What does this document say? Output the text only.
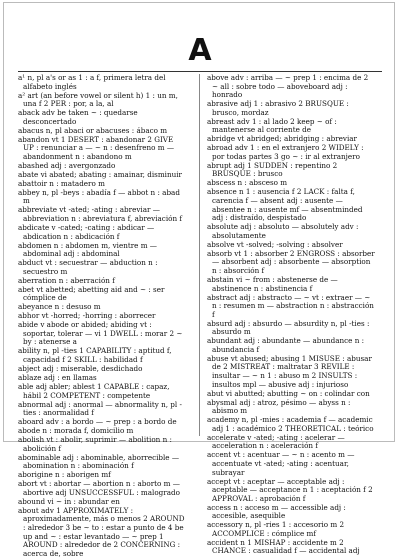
A
a¹ n, pl a's or as 1 : a f, primera letra del alfabeto inglés
a² art (an before vowel or silent h) 1 : un m, una f 2 PER : por, a la, al
aback adv be taken ~ : quedarse desconcertado
abacus n, pl abaci or abacuses : ábaco m
abandon vt 1 DESERT : abandonar 2 GIVE UP : renunciar a — ~ n : desenfreno m — abandonment n : abandono m
abashed adj : avergonzado
abate vi abated; abating : amainar, disminuir
abattoir n : matadero m
abbey n, pl -beys : abadía f — abbot n : abad m
abbreviate vt -ated; -ating : abreviar — abbreviation n : abreviatura f, abreviación f
abdicate v -cated; -cating : abdicar — abdication n : abdicación f
abdomen n : abdomen m, vientre m — abdominal adj : abdominal
abduct vt : secuestrar — abduction n : secuestro m
aberration n : aberración f
abet vt abetted; abetting aid and ~ : ser cómplice de
abeyance n : desuso m
abhor vt -horred; -horring : aborrecer
abide v abode or abided; abiding vt : soportar, tolerar — vi 1 DWELL : morar 2 ~ by : atenerse a
ability n, pl -ties 1 CAPABILITY : aptitud f, capacidad f 2 SKILL : habilidad f
abject adj : miserable, desdichado
ablaze adj : en llamas
able adj abler; ablest 1 CAPABLE : capaz, hábil 2 COMPETENT : competente
abnormal adj : anormal — abnormality n, pl -ties : anormalidad f
aboard adv : a bordo — ~ prep : a bordo de
abode n : morada f, domicilio m
abolish vt : abolir, suprimir — abolition n : abolición f
abominable adj : abominable, aborrecible — abomination n : abominación f
aborigine n : aborigen mf
abort vt : abortar — abortion n : aborto m — abortive adj UNSUCCESSFUL : malogrado
abound vi ~ in : abundar en
about adv 1 APPROXIMATELY : aproximadamente, más o menos 2 AROUND : alrededor 3 be ~ to : estar a punto de 4 be up and ~ : estar levantado — ~ prep 1 AROUND : alrededor de 2 CONCERNING : acerca de, sobre
above adv : arriba — ~ prep 1 : encima de 2 ~ all : sobre todo — aboveboard adj : honrado
abrasive adj 1 : abrasivo 2 BRUSQUE : brusco, mordaz
abreast adv 1 : al lado 2 keep ~ of : mantenerse al corriente de
abridge vt abridged; abridging : abreviar
abroad adv 1 : en el extranjero 2 WIDELY : por todas partes 3 go ~ : ir al extranjero
abrupt adj 1 SUDDEN : repentino 2 BRUSQUE : brusco
abscess n : absceso m
absence n 1 : ausencia f 2 LACK : falta f, carencia f — absent adj : ausente — absentee n : ausente mf — absentminded adj : distraído, despistado
absolute adj : absoluto — absolutely adv : absolutamente
absolve vt -solved; -solving : absolver
absorb vt 1 : absorber 2 ENGROSS : absorber — absorbent adj : absorbente — absorption n : absorción f
abstain vi ~ from : abstenerse de — abstinence n : abstinencia f
abstract adj : abstracto — ~ vt : extraer — ~ n : resumen m — abstraction n : abstracción f
absurd adj : absurdo — absurdity n, pl -ties : absurdo m
abundant adj : abundante — abundance n : abundancia f
abuse vt abused; abusing 1 MISUSE : abusar de 2 MISTREAT : maltratar 3 REVILE : insultar — ~ n 1 : abuso m 2 INSULTS : insultos mpl — abusive adj : injurioso
abut vi abutted; abutting ~ on : colindar con
abysmal adj : atroz, pésimo — abyss n : abismo m
academy n, pl -mies : academia f — academic adj 1 : académico 2 THEORETICAL : teórico
accelerate v -ated; -ating : acelerar — acceleration n : aceleración f
accent vt : acentuar — ~ n : acento m — accentuate vt -ated; -ating : acentuar, subrayar
accept vt : aceptar — acceptable adj : aceptable — acceptance n 1 : aceptación f 2 APPROVAL : aprobación f
access n : acceso m — accessible adj : accesible, asequible
accessory n, pl -ries 1 : accesorio m 2 ACCOMPLICE : cómplice mf
accident n 1 MISHAP : accidente m 2 CHANCE : casualidad f — accidental adj
